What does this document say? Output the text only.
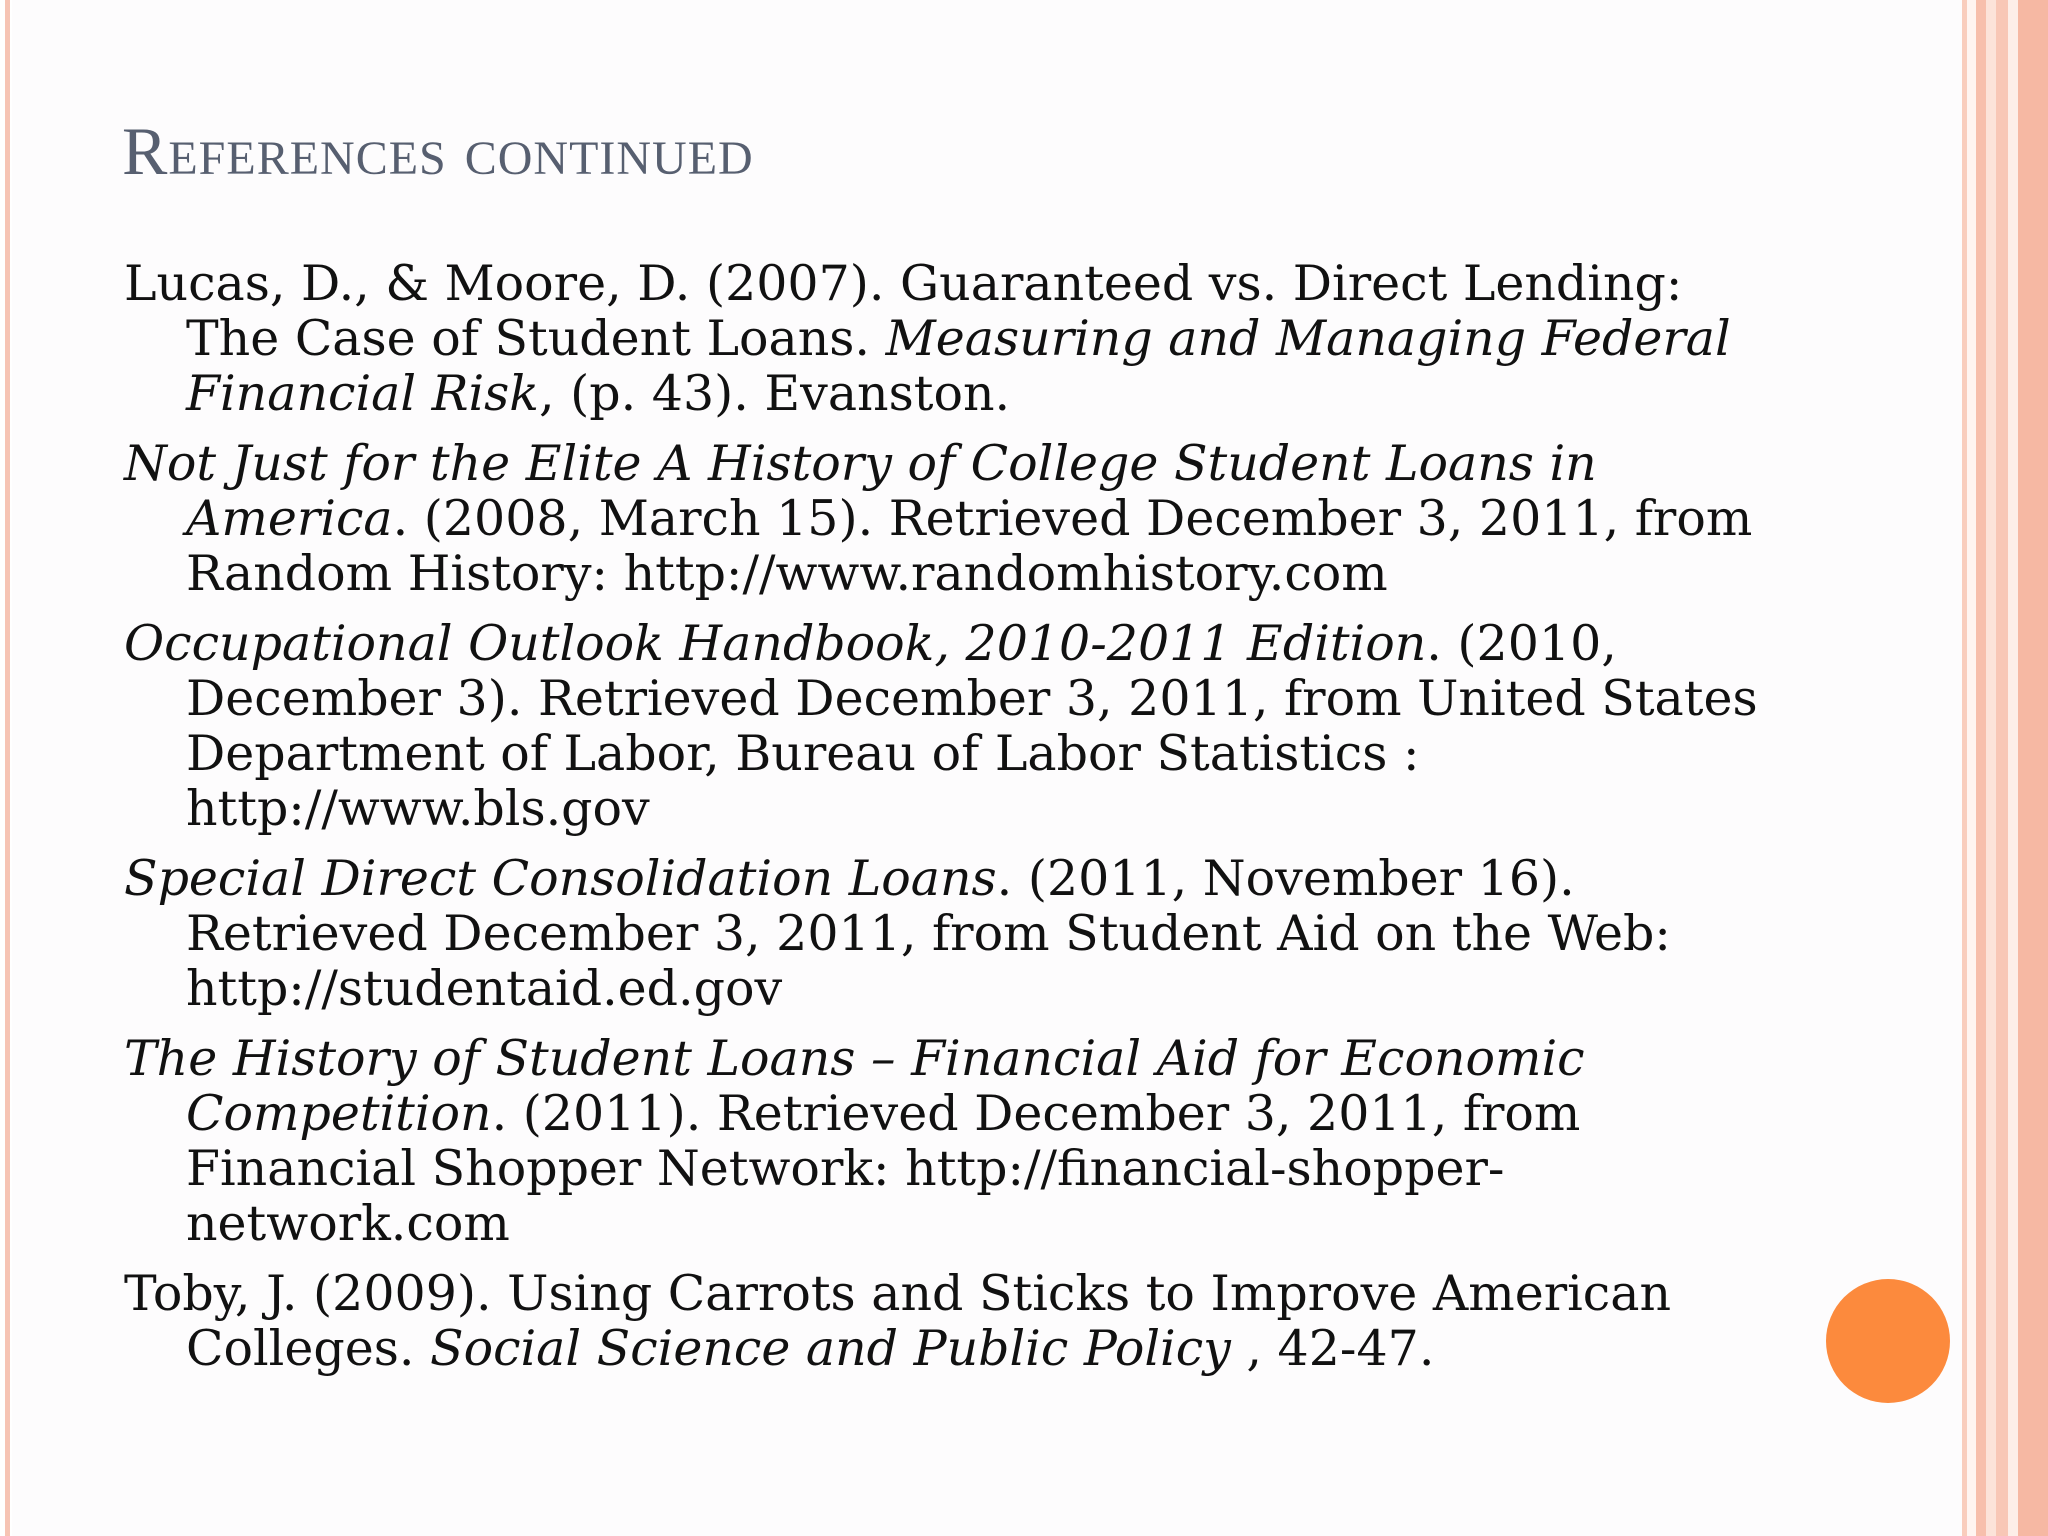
References continued
Lucas, D., & Moore, D. (2007). Guaranteed vs. Direct Lending: The Case of Student Loans. Measuring and Managing Federal Financial Risk, (p. 43). Evanston.
Not Just for the Elite A History of College Student Loans in America. (2008, March 15). Retrieved December 3, 2011, from Random History: http://www.randomhistory.com
Occupational Outlook Handbook, 2010-2011 Edition. (2010, December 3). Retrieved December 3, 2011, from United States Department of Labor, Bureau of Labor Statistics : http://www.bls.gov
Special Direct Consolidation Loans. (2011, November 16). Retrieved December 3, 2011, from Student Aid on the Web: http://studentaid.ed.gov
The History of Student Loans – Financial Aid for Economic Competition. (2011). Retrieved December 3, 2011, from Financial Shopper Network: http://financial-shopper-network.com
Toby, J. (2009). Using Carrots and Sticks to Improve American Colleges. Social Science and Public Policy , 42-47.
